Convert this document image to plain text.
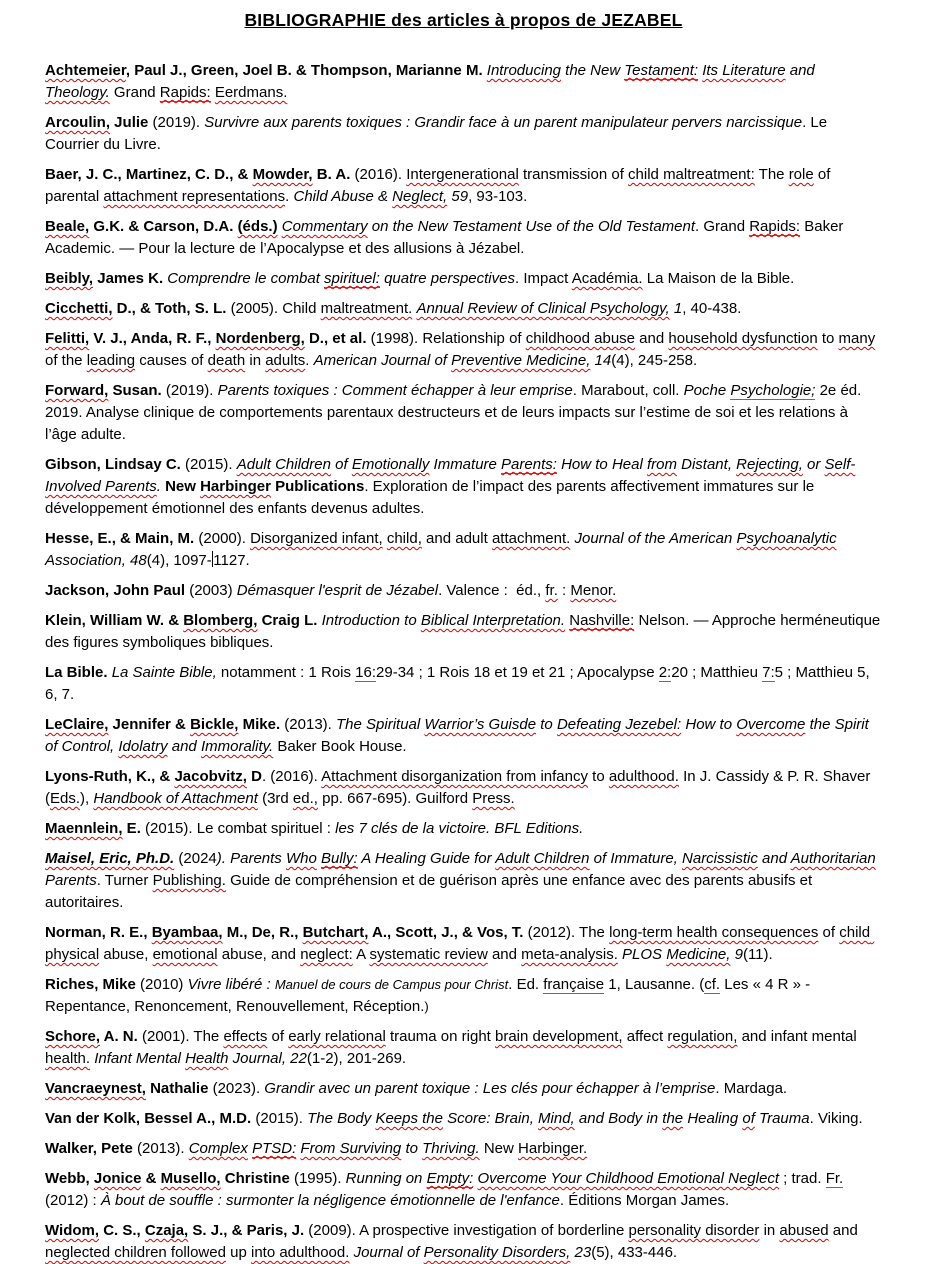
BIBLIOGRAPHIE des articles à propos de JEZABEL

Achtemeier, Paul J., Green, Joel B. & Thompson, Marianne M. Introducing the New Testament: Its Literature and Theology. Grand Rapids: Eerdmans.

Arcoulin, Julie (2019). Survivre aux parents toxiques : Grandir face à un parent manipulateur pervers narcissique. Le Courrier du Livre.

Baer, J. C., Martinez, C. D., & Mowder, B. A. (2016). Intergenerational transmission of child maltreatment: The role of parental attachment representations. Child Abuse & Neglect, 59, 93-103.

Beale, G.K. & Carson, D.A. (éds.) Commentary on the New Testament Use of the Old Testament. Grand Rapids: Baker Academic. — Pour la lecture de l’Apocalypse et des allusions à Jézabel.

Beibly, James K. Comprendre le combat spirituel: quatre perspectives. Impact Académia. La Maison de la Bible.

Cicchetti, D., & Toth, S. L. (2005). Child maltreatment. Annual Review of Clinical Psychology, 1, 40-438.

Felitti, V. J., Anda, R. F., Nordenberg, D., et al. (1998). Relationship of childhood abuse and household dysfunction to many of the leading causes of death in adults. American Journal of Preventive Medicine, 14(4), 245-258.

Forward, Susan. (2019). Parents toxiques : Comment échapper à leur emprise. Marabout, coll. Poche Psychologie; 2e éd. 2019. Analyse clinique de comportements parentaux destructeurs et de leurs impacts sur l’estime de soi et les relations à l’âge adulte.

Gibson, Lindsay C. (2015). Adult Children of Emotionally Immature Parents: How to Heal from Distant, Rejecting, or Self-Involved Parents. New Harbinger Publications. Exploration de l’impact des parents affectivement immatures sur le développement émotionnel des enfants devenus adultes.

Hesse, E., & Main, M. (2000). Disorganized infant, child, and adult attachment. Journal of the American Psychoanalytic Association, 48(4), 1097- 1127.

Jackson, John Paul (2003) Démasquer l'esprit de Jézabel. Valence :  éd., fr. : Menor.

Klein, William W. & Blomberg, Craig L. Introduction to Biblical Interpretation. Nashville: Nelson. — Approche herméneutique des figures symboliques bibliques.

La Bible. La Sainte Bible, notamment : 1 Rois 16:29-34 ; 1 Rois 18 et 19 et 21 ; Apocalypse 2:20 ; Matthieu 7:5 ; Matthieu 5, 6, 7.

LeClaire, Jennifer & Bickle, Mike. (2013). The Spiritual Warrior’s Guisde to Defeating Jezebel: How to Overcome the Spirit of Control, Idolatry and Immorality. Baker Book House.

Lyons-Ruth, K., & Jacobvitz, D. (2016). Attachment disorganization from infancy to adulthood. In J. Cassidy & P. R. Shaver (Eds.), Handbook of Attachment (3rd ed., pp. 667-695). Guilford Press.

Maennlein, E. (2015). Le combat spirituel : les 7 clés de la victoire. BFL Editions.

Maisel, Eric, Ph.D. (2024). Parents Who Bully: A Healing Guide for Adult Children of Immature, Narcissistic and Authoritarian Parents. Turner Publishing. Guide de compréhension et de guérison après une enfance avec des parents abusifs et autoritaires.

Norman, R. E., Byambaa, M., De, R., Butchart, A., Scott, J., & Vos, T. (2012). The long-term health consequences of child physical abuse, emotional abuse, and neglect: A systematic review and meta-analysis. PLOS Medicine, 9(11).

Riches, Mike (2010) Vivre libéré : Manuel de cours de Campus pour Christ. Ed. française 1, Lausanne. (cf. Les « 4 R » - Repentance, Renoncement, Renouvellement, Réception.)

Schore, A. N. (2001). The effects of early relational trauma on right brain development, affect regulation, and infant mental health. Infant Mental Health Journal, 22(1-2), 201-269.

Vancraeynest, Nathalie (2023). Grandir avec un parent toxique : Les clés pour échapper à l’emprise. Mardaga.

Van der Kolk, Bessel A., M.D. (2015). The Body Keeps the Score: Brain, Mind, and Body in the Healing of Trauma. Viking.

Walker, Pete (2013). Complex PTSD: From Surviving to Thriving. New Harbinger.

Webb, Jonice & Musello, Christine (1995). Running on Empty: Overcome Your Childhood Emotional Neglect ; trad. Fr. (2012) : À bout de souffle : surmonter la négligence émotionnelle de l'enfance. Éditions Morgan James.

Widom, C. S., Czaja, S. J., & Paris, J. (2009). A prospective investigation of borderline personality disorder in abused and neglected children followed up into adulthood. Journal of Personality Disorders, 23(5), 433-446.
